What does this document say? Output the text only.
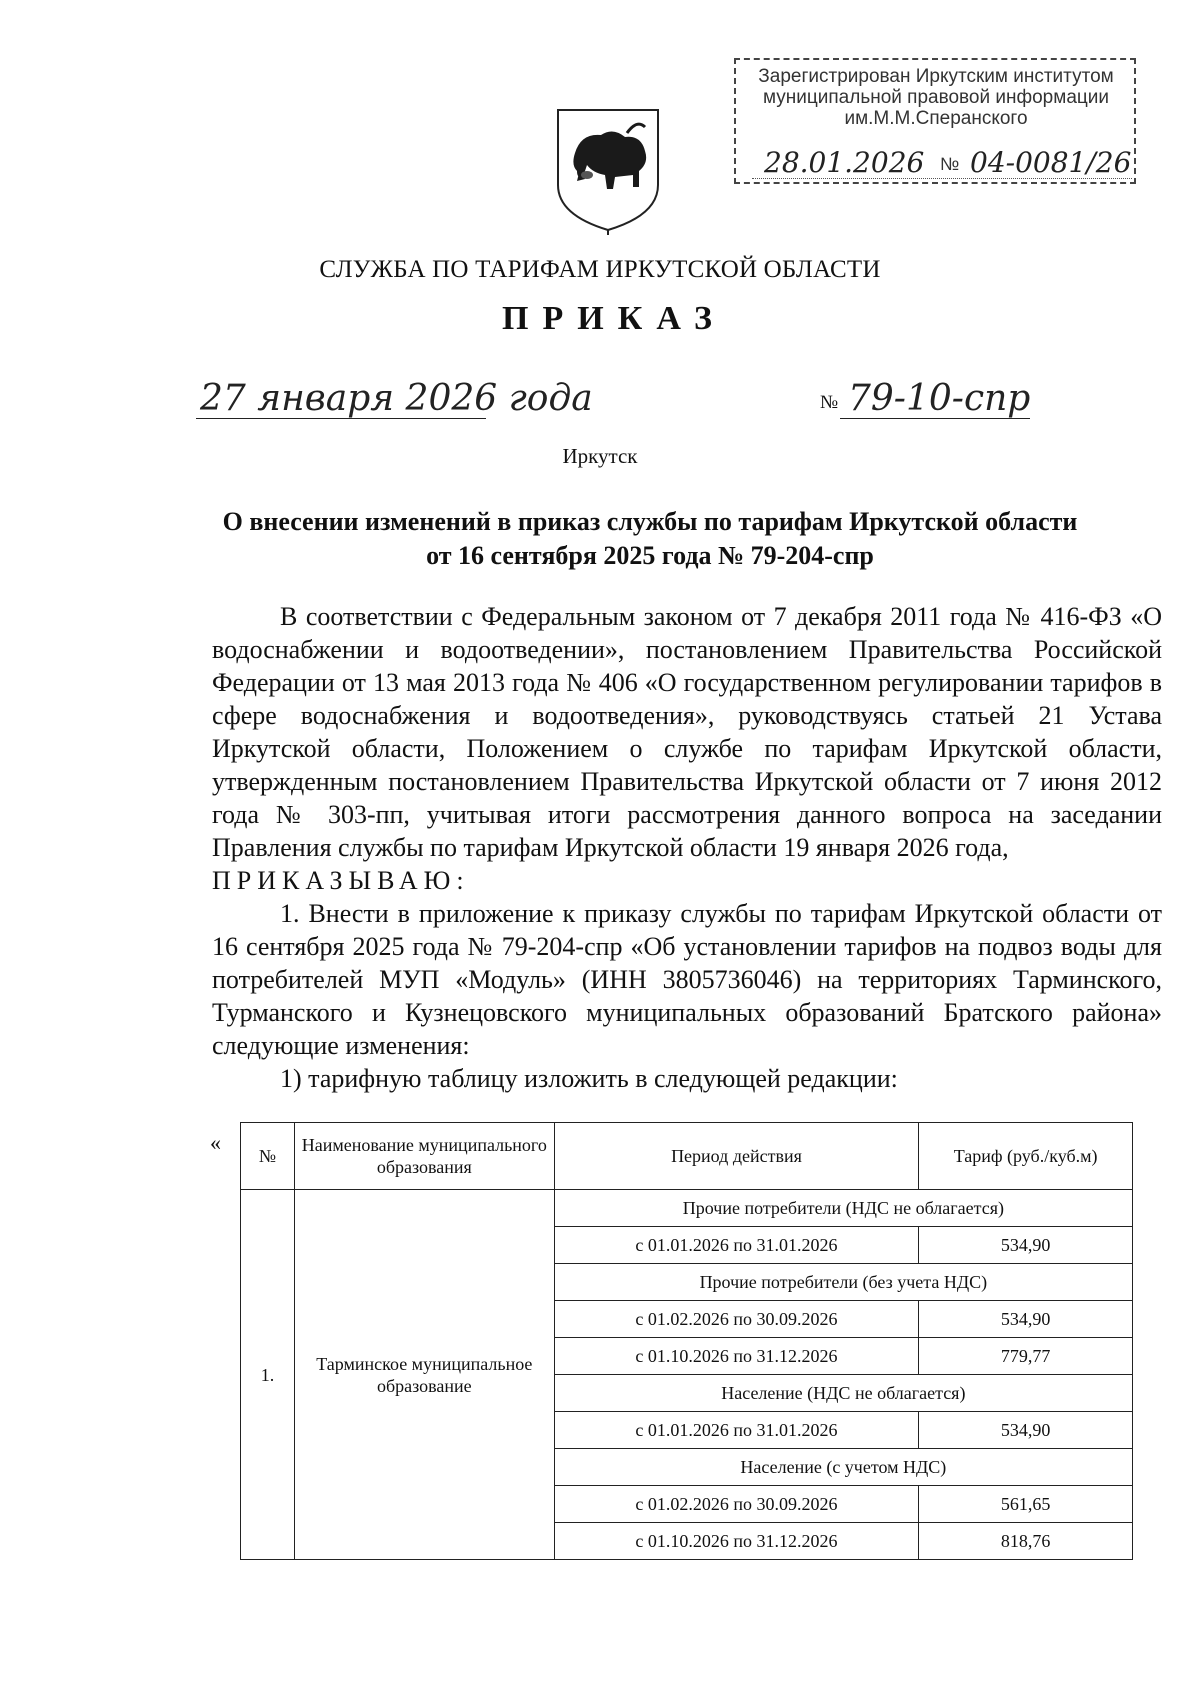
Зарегистрирован Иркутским институтом
муниципальной правовой информации
им.М.М.Сперанского
28.01.2026 № 04-0081/26
СЛУЖБА ПО ТАРИФАМ ИРКУТСКОЙ ОБЛАСТИ
ПРИКАЗ
27 января 2026 года	№ 79-10-спр
Иркутск
О внесении изменений в приказ службы по тарифам Иркутской области
от 16 сентября 2025 года № 79-204-спр

В соответствии с Федеральным законом от 7 декабря 2011 года № 416-ФЗ «О водоснабжении и водоотведении», постановлением Правительства Российской Федерации от 13 мая 2013 года № 406 «О государственном регулировании тарифов в сфере водоснабжения и водоотведения», руководствуясь статьей 21 Устава Иркутской области, Положением о службе по тарифам Иркутской области, утвержденным постановлением Правительства Иркутской области от 7 июня 2012 года № 303-пп, учитывая итоги рассмотрения данного вопроса на заседании Правления службы по тарифам Иркутской области 19 января 2026 года,

ПРИКАЗЫВАЮ:

1. Внести в приложение к приказу службы по тарифам Иркутской области от 16 сентября 2025 года № 79-204-спр «Об установлении тарифов на подвоз воды для потребителей МУП «Модуль» (ИНН 3805736046) на территориях Тарминского, Турманского и Кузнецовского муниципальных образований Братского района» следующие изменения:

1) тарифную таблицу изложить в следующей редакции:

«
№	Наименование муниципального образования	Период действия	Тариф (руб./куб.м)
1.	Тарминское муниципальное образование	Прочие потребители (НДС не облагается)	
		с 01.01.2026 по 31.01.2026	534,90
		Прочие потребители (без учета НДС)	
		с 01.02.2026 по 30.09.2026	534,90
		с 01.10.2026 по 31.12.2026	779,77
		Население (НДС не облагается)	
		с 01.01.2026 по 31.01.2026	534,90
		Население (с учетом НДС)	
		с 01.02.2026 по 30.09.2026	561,65
		с 01.10.2026 по 31.12.2026	818,76
